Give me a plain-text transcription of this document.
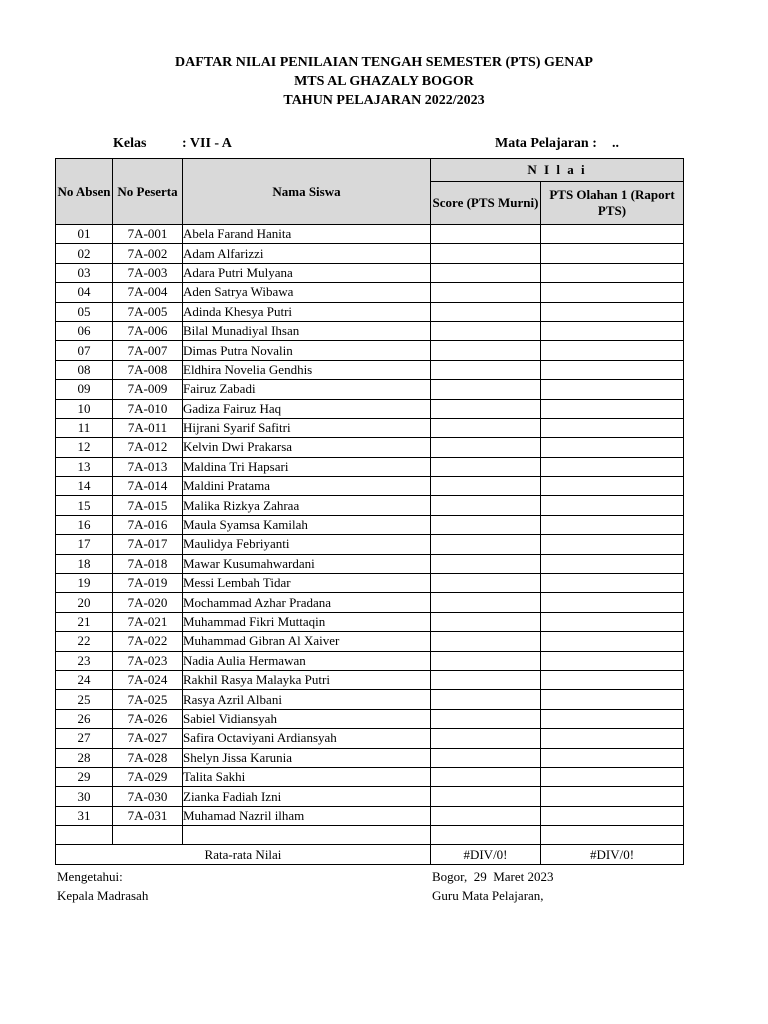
DAFTAR NILAI PENILAIAN TENGAH SEMESTER (PTS) GENAP
MTS AL GHAZALY BOGOR
TAHUN PELAJARAN 2022/2023
Kelas	: VII - A	Mata Pelajaran : ..
No Absen	No Peserta	Nama Siswa	N I l a i	
			Score (PTS Murni)	PTS Olahan 1 (Raport PTS)
01	7A-001	Abela Farand Hanita		
02	7A-002	Adam Alfarizzi		
03	7A-003	Adara Putri Mulyana		
04	7A-004	Aden Satrya Wibawa		
05	7A-005	Adinda Khesya Putri		
06	7A-006	Bilal Munadiyal Ihsan		
07	7A-007	Dimas Putra Novalin		
08	7A-008	Eldhira Novelia Gendhis		
09	7A-009	Fairuz Zabadi		
10	7A-010	Gadiza Fairuz Haq		
11	7A-011	Hijrani Syarif Safitri		
12	7A-012	Kelvin Dwi Prakarsa		
13	7A-013	Maldina Tri Hapsari		
14	7A-014	Maldini Pratama		
15	7A-015	Malika Rizkya Zahraa		
16	7A-016	Maula Syamsa Kamilah		
17	7A-017	Maulidya Febriyanti		
18	7A-018	Mawar Kusumahwardani		
19	7A-019	Messi Lembah Tidar		
20	7A-020	Mochammad Azhar Pradana		
21	7A-021	Muhammad Fikri Muttaqin		
22	7A-022	Muhammad Gibran Al Xaiver		
23	7A-023	Nadia Aulia Hermawan		
24	7A-024	Rakhil Rasya Malayka Putri		
25	7A-025	Rasya Azril Albani		
26	7A-026	Sabiel Vidiansyah		
27	7A-027	Safira Octaviyani Ardiansyah		
28	7A-028	Shelyn Jissa Karunia		
29	7A-029	Talita Sakhi		
30	7A-030	Zianka Fadiah Izni		
31	7A-031	Muhamad Nazril ilham		

Rata-rata Nilai			#DIV/0!	#DIV/0!
Mengetahui:
Kepala Madrasah
Bogor,  29  Maret 2023
Guru Mata Pelajaran,
